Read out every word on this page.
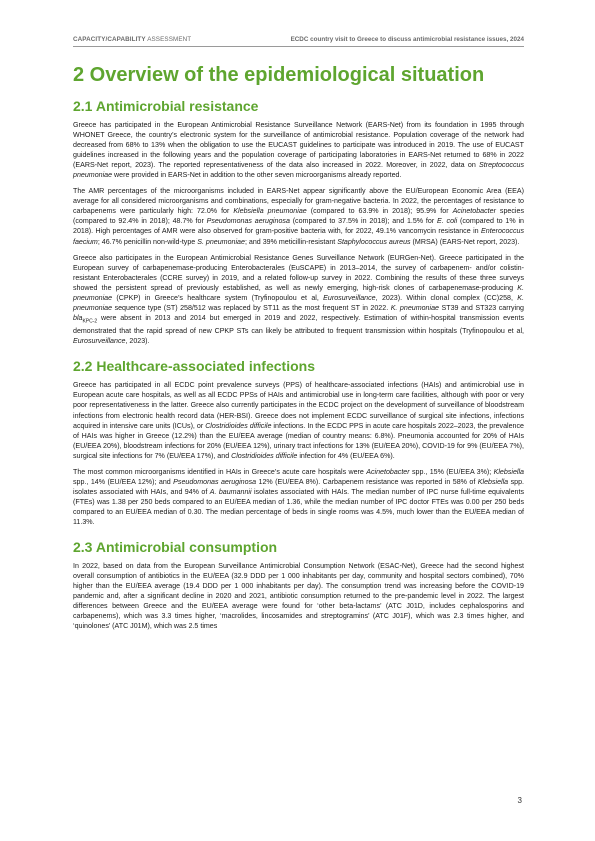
CAPACITY/CAPABILITY ASSESSMENT	ECDC country visit to Greece to discuss antimicrobial resistance issues, 2024
2 Overview of the epidemiological situation
2.1 Antimicrobial resistance

Greece has participated in the European Antimicrobial Resistance Surveillance Network (EARS-Net) from its foundation in 1995 through WHONET Greece, the country’s electronic system for the surveillance of antimicrobial resistance. Population coverage of the network had decreased from 68% to 13% when the obligation to use the EUCAST guidelines to participate was introduced in 2019. The use of EUCAST guidelines increased in the following years and the population coverage of participating laboratories in EARS-Net returned to 68% in 2022 (EARS-Net report, 2023). The reported representativeness of the data also increased in 2022. Moreover, in 2022, data on Streptococcus pneumoniae were provided in EARS-Net in addition to the other seven microorganisms already reported.

The AMR percentages of the microorganisms included in EARS-Net appear significantly above the EU/European Economic Area (EEA) average for all considered microorganisms and combinations, especially for gram-negative bacteria. In 2022, the percentages of resistance to carbapenems were particularly high: 72.0% for Klebsiella pneumoniae (compared to 63.9% in 2018); 95.9% for Acinetobacter species (compared to 92.4% in 2018); 48.7% for Pseudomonas aeruginosa (compared to 37.5% in 2018); and 1.5% for E. coli (compared to 1% in 2018). High percentages of AMR were also observed for gram-positive bacteria with, for 2022, 49.1% vancomycin resistance in Enterococcus faecium; 46.7% penicillin non-wild-type S. pneumoniae; and 39% meticillin-resistant Staphylococcus aureus (MRSA) (EARS-Net report, 2023).

Greece also participates in the European Antimicrobial Resistance Genes Surveillance Network (EURGen-Net). Greece participated in the European survey of carbapenemase-producing Enterobacterales (EuSCAPE) in 2013–2014, the survey of carbapenem- and/or colistin-resistant Enterobacterales (CCRE survey) in 2019, and a related follow-up survey in 2022. Combining the results of these three surveys showed the persistent spread of previously established, as well as newly emerging, high-risk clones of carbapenemase-producing K. pneumoniae (CPKP) in Greece’s healthcare system (Tryfinopoulou et al, Eurosurveillance, 2023). Within clonal complex (CC)258, K. pneumoniae sequence type (ST) 258/512 was replaced by ST11 as the most frequent ST in 2022. K. pneumoniae ST39 and ST323 carrying bla$_{KPC-2}$ were absent in 2013 and 2014 but emerged in 2019 and 2022, respectively. Estimation of within-hospital transmission events demonstrated that the rapid spread of new CPKP STs can likely be attributed to frequent transmission within hospitals (Tryfinopoulou et al, Eurosurveillance, 2023).

2.2 Healthcare-associated infections

Greece has participated in all ECDC point prevalence surveys (PPS) of healthcare-associated infections (HAIs) and antimicrobial use in European acute care hospitals, as well as all ECDC PPSs of HAIs and antimicrobial use in long-term care facilities, although with poor or very poor representativeness in the latter. Greece also currently participates in the ECDC project on the development of surveillance of bloodstream infections from electronic health record data (HER-BSI). Greece does not implement ECDC surveillance of surgical site infections, infections acquired in intensive care units (ICUs), or Clostridioides difficile infections. In the ECDC PPS in acute care hospitals 2022–2023, the prevalence of HAIs was higher in Greece (12.2%) than the EU/EEA average (median of country means: 6.8%). Pneumonia accounted for 20% of HAIs (EU/EEA 20%), bloodstream infections for 20% (EU/EEA 12%), urinary tract infections for 13% (EU/EEA 20%), COVID-19 for 9% (EU/EEA 7%), surgical site infections for 7% (EU/EEA 17%), and Clostridioides difficile infection for 4% (EU/EEA 6%).

The most common microorganisms identified in HAIs in Greece’s acute care hospitals were Acinetobacter spp., 15% (EU/EEA 3%); Klebsiella spp., 14% (EU/EEA 12%); and Pseudomonas aeruginosa 12% (EU/EEA 8%). Carbapenem resistance was reported in 58% of Klebsiella spp. isolates associated with HAIs, and 94% of A. baumannii isolates associated with HAIs. The median number of IPC nurse full-time equivalents (FTEs) was 1.38 per 250 beds compared to an EU/EEA median of 1.36, while the median number of IPC doctor FTEs was 0.00 per 250 beds compared to an EU/EEA median of 0.30. The median percentage of beds in single rooms was 4.5%, much lower than the EU/EEA median of 11.3%.

2.3 Antimicrobial consumption

In 2022, based on data from the European Surveillance Antimicrobial Consumption Network (ESAC-Net), Greece had the second highest overall consumption of antibiotics in the EU/EEA (32.9 DDD per 1 000 inhabitants per day, community and hospital sectors combined), 70% higher than the EU/EEA average (19.4 DDD per 1 000 inhabitants per day). The consumption trend was increasing before the COVID-19 pandemic and, after a significant decline in 2020 and 2021, antibiotic consumption returned to the pre-pandemic level in 2022. The largest differences between Greece and the EU/EEA average were found for ‘other beta-lactams’ (ATC J01D, includes cephalosporins and carbapenems), which was 3.3 times higher, ‘macrolides, lincosamides and streptogramins’ (ATC J01F), which was 2.3 times higher, and ‘quinolones’ (ATC J01M), which was 2.5 times

3
